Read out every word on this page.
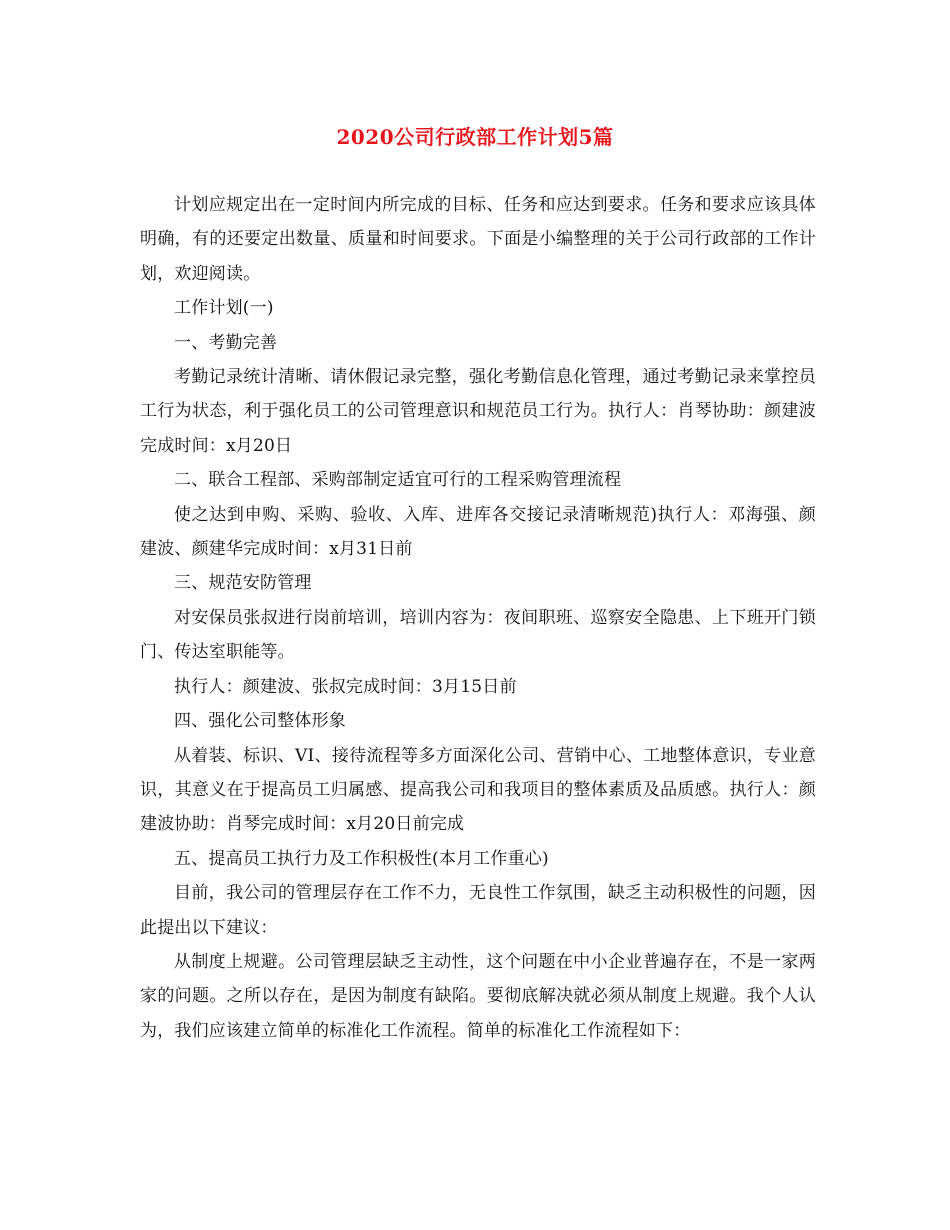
2020公司行政部工作计划5篇

计划应规定出在一定时间内所完成的目标、任务和应达到要求。任务和要求应该具体明确，有的还要定出数量、质量和时间要求。下面是小编整理的关于公司行政部的工作计划，欢迎阅读。

工作计划(一)

一、考勤完善

考勤记录统计清晰、请休假记录完整，强化考勤信息化管理，通过考勤记录来掌控员工行为状态，利于强化员工的公司管理意识和规范员工行为。执行人：肖琴协助：颜建波完成时间：x月20日

二、联合工程部、采购部制定适宜可行的工程采购管理流程

使之达到申购、采购、验收、入库、进库各交接记录清晰规范)执行人：邓海强、颜建波、颜建华完成时间：x月31日前

三、规范安防管理

对安保员张叔进行岗前培训，培训内容为：夜间职班、巡察安全隐患、上下班开门锁门、传达室职能等。

执行人：颜建波、张叔完成时间：3月15日前

四、强化公司整体形象

从着装、标识、VI、接待流程等多方面深化公司、营销中心、工地整体意识，专业意识，其意义在于提高员工归属感、提高我公司和我项目的整体素质及品质感。执行人：颜建波协助：肖琴完成时间：x月20日前完成

五、提高员工执行力及工作积极性(本月工作重心)

目前，我公司的管理层存在工作不力，无良性工作氛围，缺乏主动积极性的问题，因此提出以下建议：

从制度上规避。公司管理层缺乏主动性，这个问题在中小企业普遍存在，不是一家两家的问题。之所以存在，是因为制度有缺陷。要彻底解决就必须从制度上规避。我个人认为，我们应该建立简单的标准化工作流程。简单的标准化工作流程如下：
